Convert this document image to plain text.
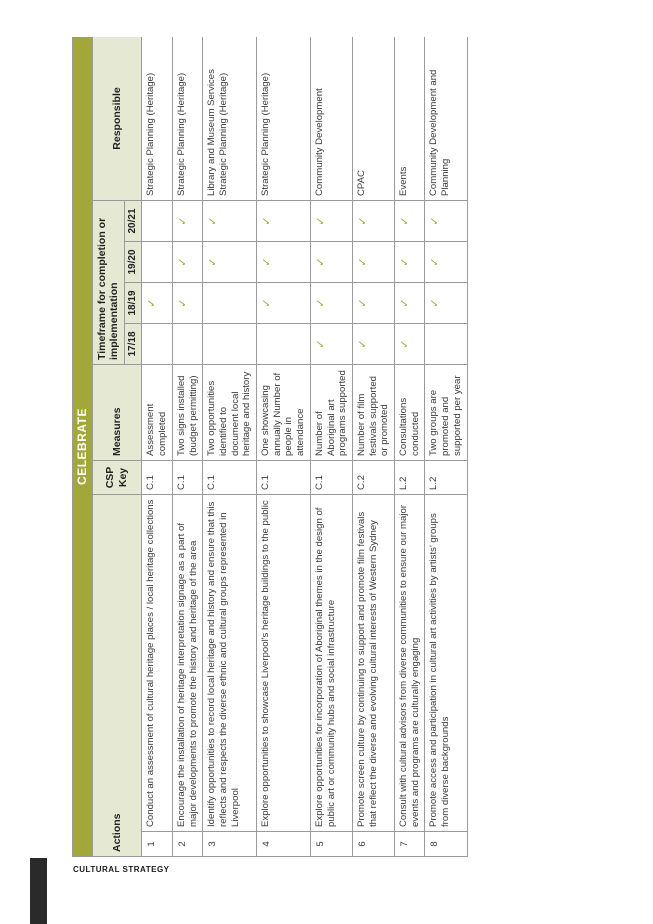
CULTURAL STRATEGY
CELEBRATE								
Actions		CSP Key	Measures	Timeframe for completion or implementation				Responsible
				17/18	18/19	19/20	20/21	
1	Conduct an assessment of cultural heritage places / local heritage collections	C.1	Assessment completed		✓			Strategic Planning (Heritage)
2	Encourage the installation of heritage interpretation signage as a part of major developments to promote the history and heritage of the area	C.1	Two signs installed (budget permitting)		✓	✓	✓	Strategic Planning (Heritage)
3	Identify opportunities to record local heritage and history and ensure that this reflects and respects the diverse ethnic and cultural groups represented in Liverpool	C.1	Two opportunities identified to document local heritage and history			✓	✓	Library and Museum Services Strategic Planning (Heritage)
4	Explore opportunities to showcase Liverpool's heritage buildings to the public	C.1	One showcasing annually Number of people in attendance		✓	✓	✓	Strategic Planning (Heritage)
5	Explore opportunities for incorporation of Aboriginal themes in the design of public art or community hubs and social infrastructure	C.1	Number of Aboriginal art programs supported	✓	✓	✓	✓	Community Development
6	Promote screen culture by continuing to support and promote film festivals that reflect the diverse and evolving cultural interests of Western Sydney	C.2	Number of film festivals supported or promoted	✓	✓	✓	✓	CPAC
7	Consult with cultural advisors from diverse communities to ensure our major events and programs are culturally engaging	L.2	Consultations conducted	✓	✓	✓	✓	Events
8	Promote access and participation in cultural art activities by artists' groups from diverse backgrounds	L.2	Two groups are promoted and supported per year		✓	✓	✓	Community Development and Planning
